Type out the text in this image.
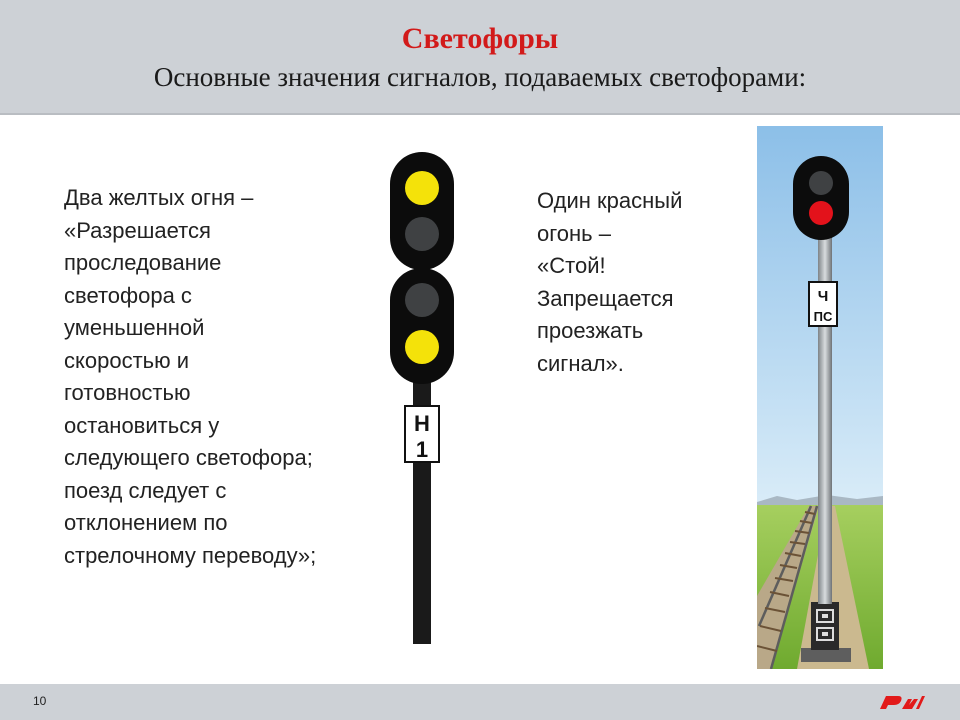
Светофоры
Основные значения сигналов, подаваемых светофорами:
Два желтых огня –
«Разрешается
проследование
светофора с
уменьшенной
скоростью и
готовностью
остановиться у
следующего светофора;
поезд следует с
отклонением по
стрелочному переводу»;
Н
1
Один красный
огонь –
«Стой!
Запрещается
проезжать
сигнал».
Ч
ПС
10
